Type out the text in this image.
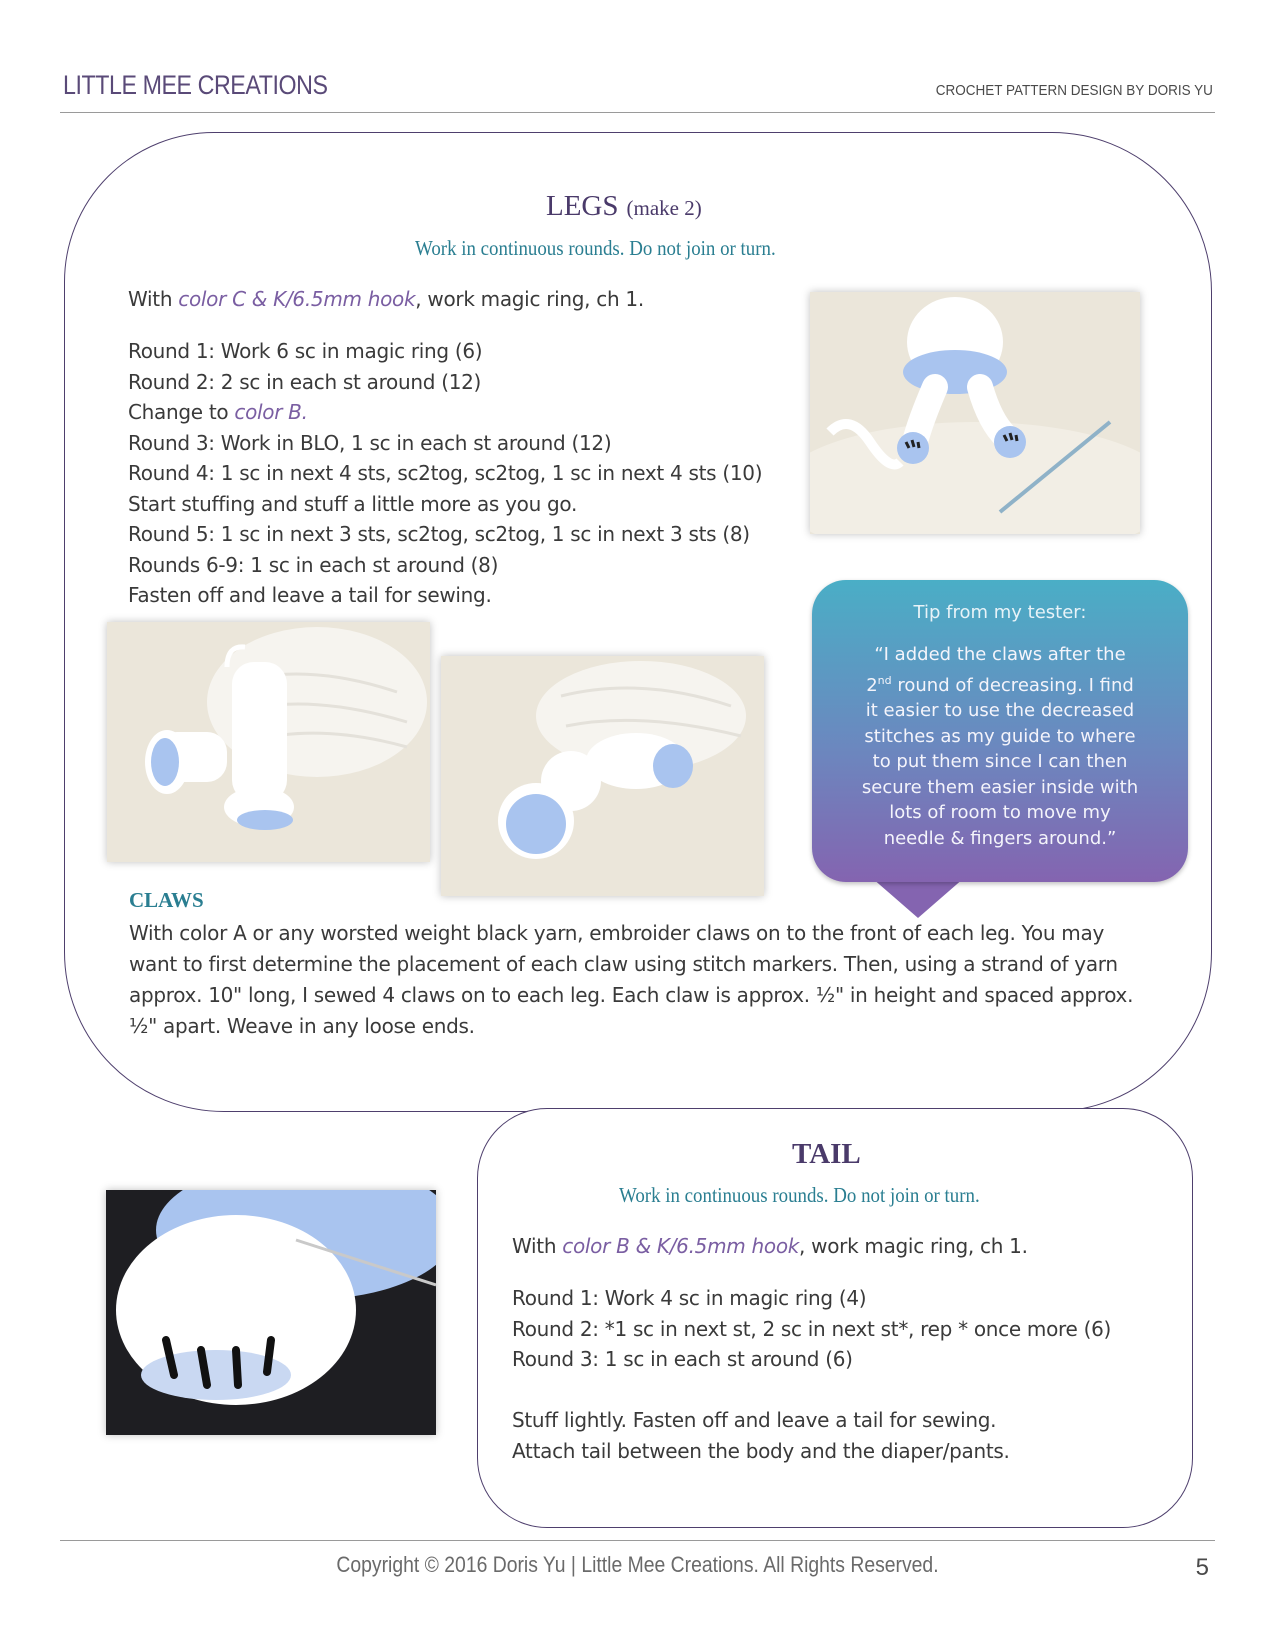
LITTLE MEE CREATIONS	CROCHET PATTERN DESIGN BY DORIS YU
LEGS (make 2)
Work in continuous rounds. Do not join or turn.
With color C & K/6.5mm hook, work magic ring, ch 1.
Round 1: Work 6 sc in magic ring (6)
Round 2: 2 sc in each st around (12)
Change to color B.
Round 3: Work in BLO, 1 sc in each st around (12)
Round 4: 1 sc in next 4 sts, sc2tog, sc2tog, 1 sc in next 4 sts (10)
Start stuffing and stuff a little more as you go.
Round 5: 1 sc in next 3 sts, sc2tog, sc2tog, 1 sc in next 3 sts (8)
Rounds 6-9: 1 sc in each st around (8)
Fasten off and leave a tail for sewing.
Tip from my tester:
“I added the claws after the
2nd round of decreasing. I find
it easier to use the decreased
stitches as my guide to where
to put them since I can then
secure them easier inside with
lots of room to move my
needle & fingers around.”
CLAWS
With color A or any worsted weight black yarn, embroider claws on to the front of each leg. You may want to first determine the placement of each claw using stitch markers. Then, using a strand of yarn approx. 10" long, I sewed 4 claws on to each leg. Each claw is approx. ½" in height and spaced approx. ½" apart. Weave in any loose ends.
TAIL
Work in continuous rounds. Do not join or turn.
With color B & K/6.5mm hook, work magic ring, ch 1.
Round 1: Work 4 sc in magic ring (4)
Round 2: *1 sc in next st, 2 sc in next st*, rep * once more (6)
Round 3: 1 sc in each st around (6)
Stuff lightly. Fasten off and leave a tail for sewing.
Attach tail between the body and the diaper/pants.
Copyright © 2016 Doris Yu | Little Mee Creations. All Rights Reserved.	5
